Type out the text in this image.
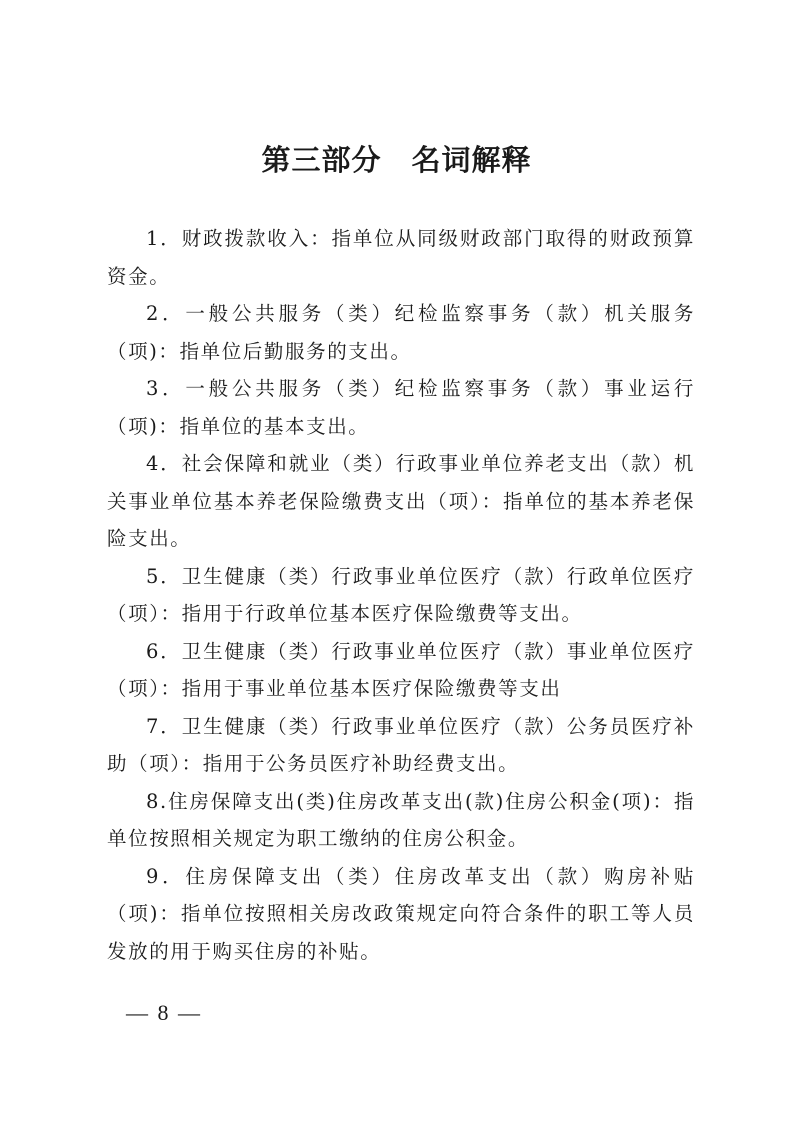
第三部分 名词解释

1．财政拨款收入：指单位从同级财政部门取得的财政预算资金。

2．一般公共服务（类）纪检监察事务（款）机关服务（项)：指单位后勤服务的支出。

3．一般公共服务（类）纪检监察事务（款）事业运行（项)：指单位的基本支出。

4．社会保障和就业（类）行政事业单位养老支出（款）机关事业单位基本养老保险缴费支出（项）：指单位的基本养老保险支出。

5．卫生健康（类）行政事业单位医疗（款）行政单位医疗（项）：指用于行政单位基本医疗保险缴费等支出。

6．卫生健康（类）行政事业单位医疗（款）事业单位医疗（项）：指用于事业单位基本医疗保险缴费等支出

7．卫生健康（类）行政事业单位医疗（款）公务员医疗补助（项）：指用于公务员医疗补助经费支出。

8.住房保障支出(类)住房改革支出(款)住房公积金(项)：指单位按照相关规定为职工缴纳的住房公积金。

9．住房保障支出（类）住房改革支出（款）购房补贴（项)：指单位按照相关房改政策规定向符合条件的职工等人员发放的用于购买住房的补贴。

— 8 —
